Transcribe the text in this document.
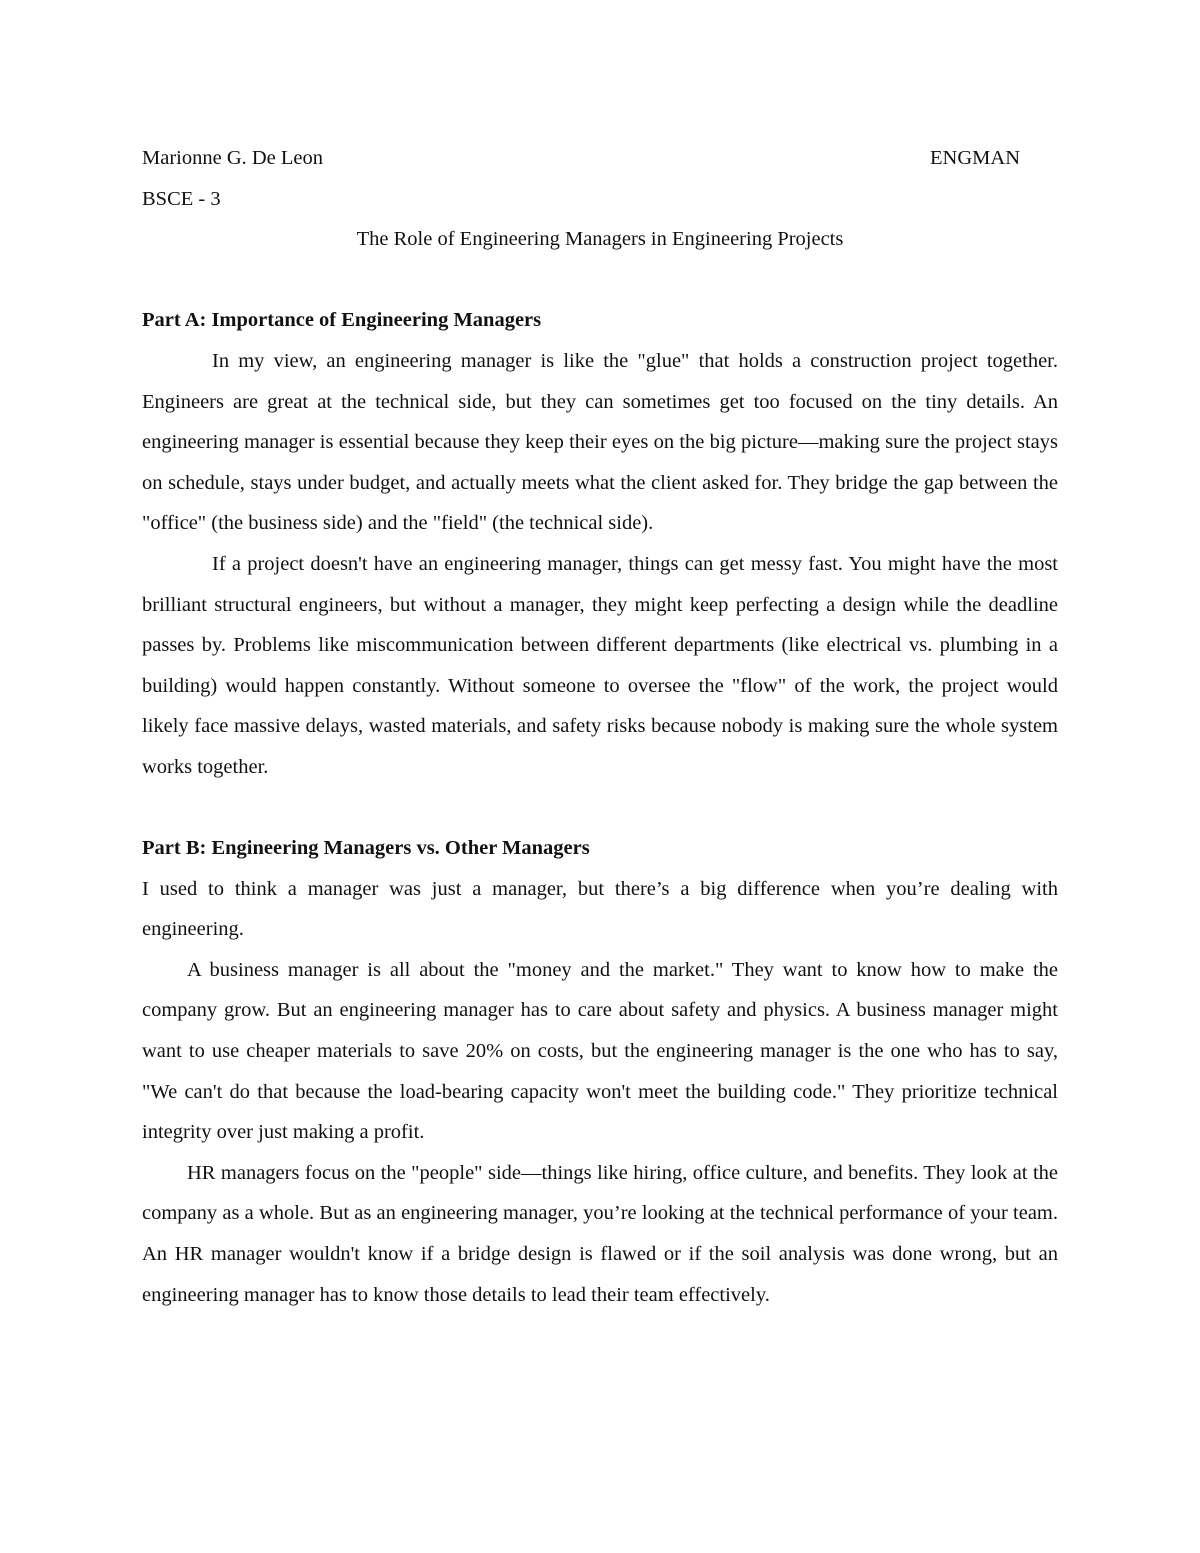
Marionne G. De Leon	ENGMAN
BSCE - 3
The Role of Engineering Managers in Engineering Projects
Part A: Importance of Engineering Managers

In my view, an engineering manager is like the "glue" that holds a construction project together. Engineers are great at the technical side, but they can sometimes get too focused on the tiny details. An engineering manager is essential because they keep their eyes on the big picture—making sure the project stays on schedule, stays under budget, and actually meets what the client asked for. They bridge the gap between the "office" (the business side) and the "field" (the technical side).

If a project doesn't have an engineering manager, things can get messy fast. You might have the most brilliant structural engineers, but without a manager, they might keep perfecting a design while the deadline passes by. Problems like miscommunication between different departments (like electrical vs. plumbing in a building) would happen constantly. Without someone to oversee the "flow" of the work, the project would likely face massive delays, wasted materials, and safety risks because nobody is making sure the whole system works together.

Part B: Engineering Managers vs. Other Managers

I used to think a manager was just a manager, but there’s a big difference when you’re dealing with engineering.

A business manager is all about the "money and the market." They want to know how to make the company grow. But an engineering manager has to care about safety and physics. A business manager might want to use cheaper materials to save 20% on costs, but the engineering manager is the one who has to say, "We can't do that because the load-bearing capacity won't meet the building code." They prioritize technical integrity over just making a profit.

HR managers focus on the "people" side—things like hiring, office culture, and benefits. They look at the company as a whole. But as an engineering manager, you’re looking at the technical performance of your team. An HR manager wouldn't know if a bridge design is flawed or if the soil analysis was done wrong, but an engineering manager has to know those details to lead their team effectively.
